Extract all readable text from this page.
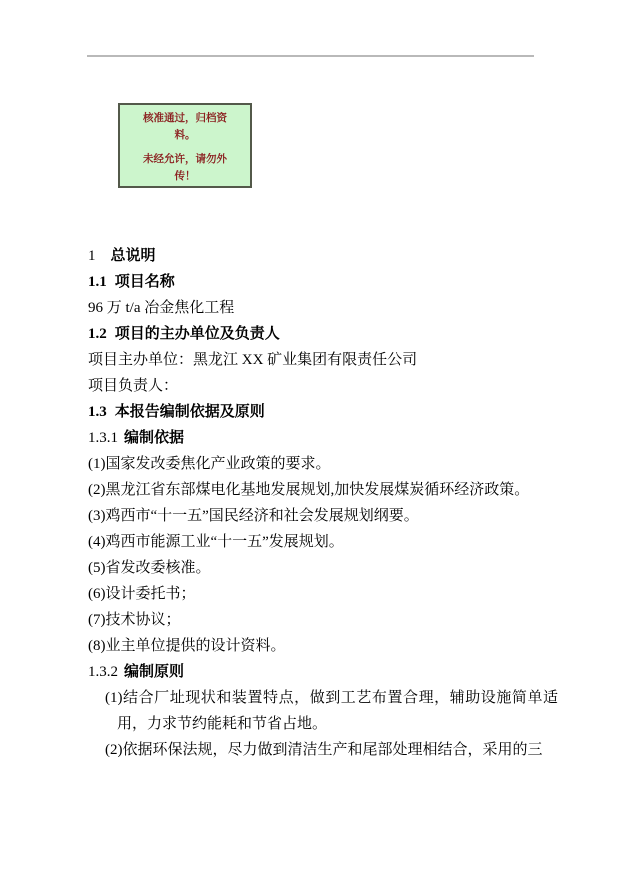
核准通过，归档资料。

未经允许，请勿外传！

1 总说明
1.1 项目名称

96 万 t/a 冶金焦化工程

1.2 项目的主办单位及负责人

项目主办单位：黑龙江 XX 矿业集团有限责任公司

项目负责人：

1.3 本报告编制依据及原则
1.3.1 编制依据

(1)国家发改委焦化产业政策的要求。

(2)黑龙江省东部煤电化基地发展规划,加快发展煤炭循环经济政策。

(3)鸡西市“十一五”国民经济和社会发展规划纲要。

(4)鸡西市能源工业“十一五”发展规划。

(5)省发改委核准。

(6)设计委托书；

(7)技术协议；

(8)业主单位提供的设计资料。

1.3.2 编制原则

(1)结合厂址现状和装置特点，做到工艺布置合理，辅助设施简单适用，力求节约能耗和节省占地。

(2)依据环保法规，尽力做到清洁生产和尾部处理相结合，采用的三
